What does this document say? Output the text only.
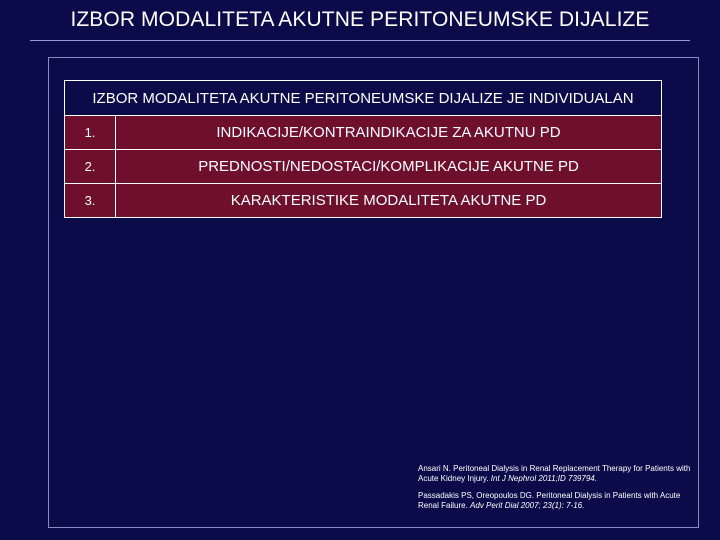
IZBOR MODALITETA AKUTNE PERITONEUMSKE DIJALIZE
IZBOR MODALITETA AKUTNE PERITONEUMSKE DIJALIZE JE INDIVIDUALAN
1.	INDIKACIJE/KONTRAINDIKACIJE ZA AKUTNU PD
2.	PREDNOSTI/NEDOSTACI/KOMPLIKACIJE AKUTNE PD
3.	KARAKTERISTIKE MODALITETA AKUTNE PD
Ansari N. Peritoneal Dialysis in Renal Replacement Therapy for Patients with Acute Kidney Injury. Int J Nephrol 2011;ID 739794.
Passadakis PS, Oreopoulos DG. Peritoneal Dialysis in Patients with Acute Renal Failure. Adv Perit Dial 2007; 23(1): 7-16.
